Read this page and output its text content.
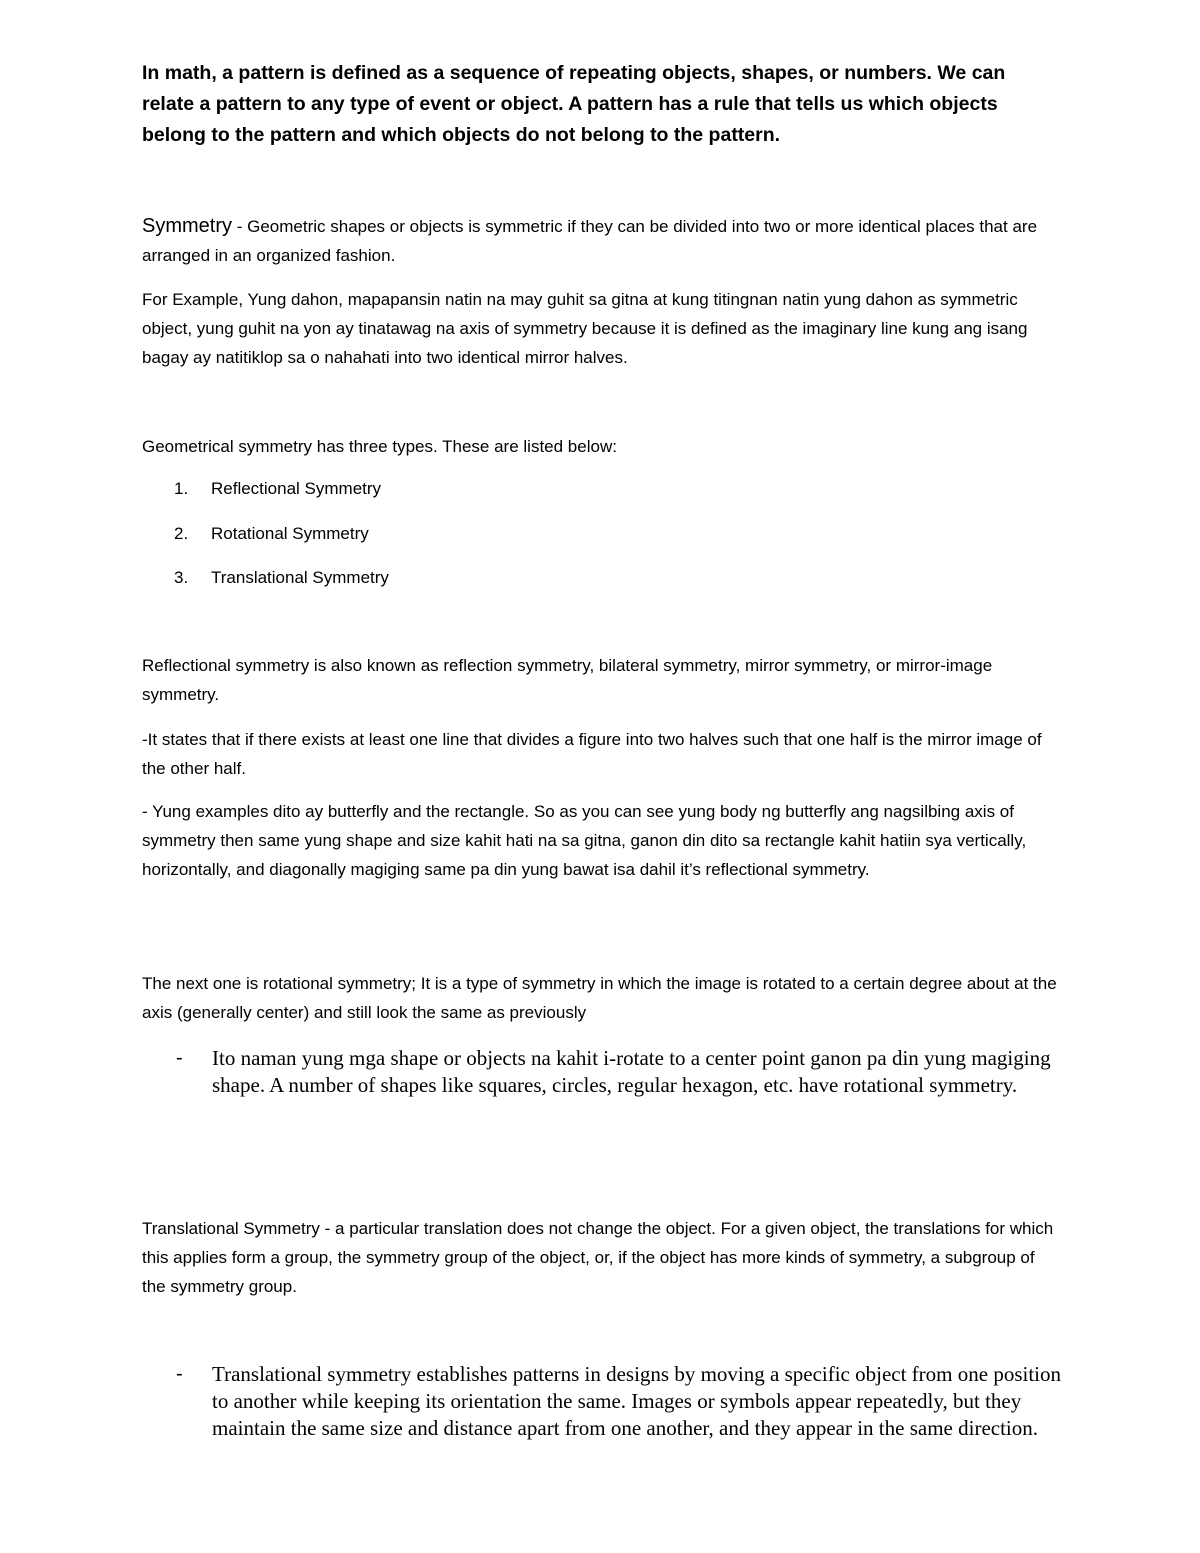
In math, a pattern is defined as a sequence of repeating objects, shapes, or numbers. We can relate a pattern to any type of event or object. A pattern has a rule that tells us which objects belong to the pattern and which objects do not belong to the pattern.

Symmetry - Geometric shapes or objects is symmetric if they can be divided into two or more identical places that are arranged in an organized fashion.

For Example, Yung dahon, mapapansin natin na may guhit sa gitna at kung titingnan natin yung dahon as symmetric object, yung guhit na yon ay tinatawag na axis of symmetry because it is defined as the imaginary line kung ang isang bagay ay natitiklop sa o nahahati into two identical mirror halves.

Geometrical symmetry has three types. These are listed below:

1. Reflectional Symmetry
2. Rotational Symmetry
3. Translational Symmetry

Reflectional symmetry is also known as reflection symmetry, bilateral symmetry, mirror symmetry, or mirror-image symmetry.

-It states that if there exists at least one line that divides a figure into two halves such that one half is the mirror image of the other half.

- Yung examples dito ay butterfly and the rectangle. So as you can see yung body ng butterfly ang nagsilbing axis of symmetry then same yung shape and size kahit hati na sa gitna, ganon din dito sa rectangle kahit hatiin sya vertically, horizontally, and diagonally magiging same pa din yung bawat isa dahil it’s reflectional symmetry.

The next one is rotational symmetry; It is a type of symmetry in which the image is rotated to a certain degree about at the axis (generally center) and still look the same as previously

- Ito naman yung mga shape or objects na kahit i-rotate to a center point ganon pa din yung magiging shape. A number of shapes like squares, circles, regular hexagon, etc. have rotational symmetry.

Translational Symmetry - a particular translation does not change the object. For a given object, the translations for which this applies form a group, the symmetry group of the object, or, if the object has more kinds of symmetry, a subgroup of the symmetry group.

- Translational symmetry establishes patterns in designs by moving a specific object from one position to another while keeping its orientation the same. Images or symbols appear repeatedly, but they maintain the same size and distance apart from one another, and they appear in the same direction.
